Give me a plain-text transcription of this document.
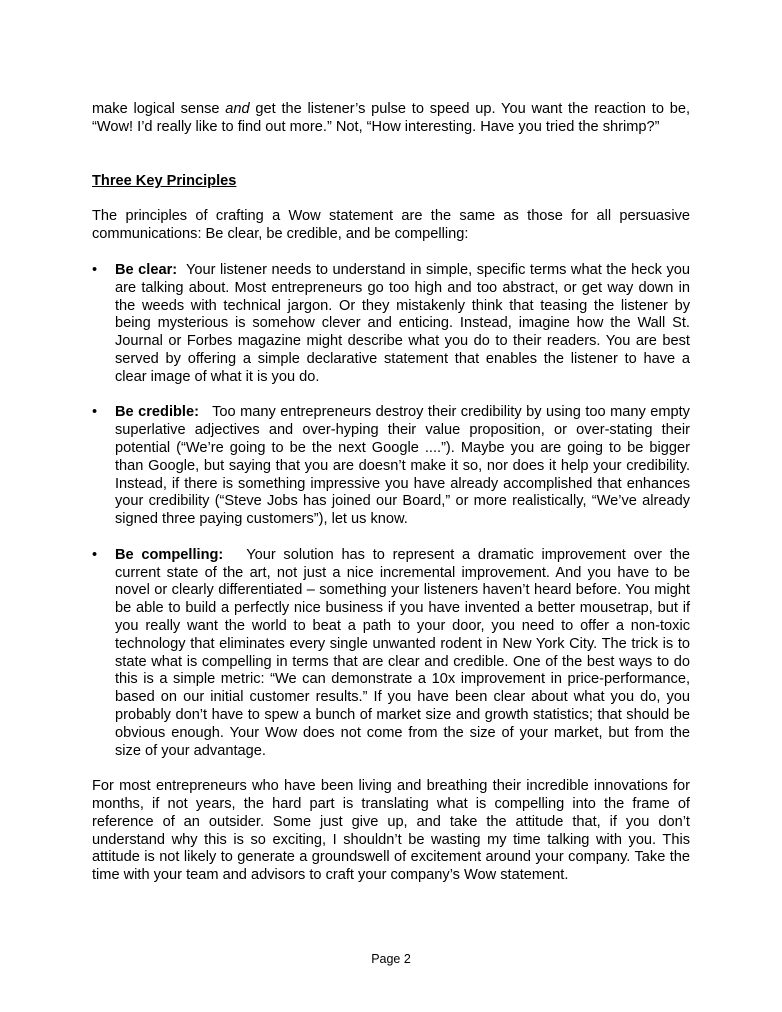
make logical sense and get the listener’s pulse to speed up. You want the reaction to be, “Wow! I’d really like to find out more.” Not, “How interesting. Have you tried the shrimp?”

Three Key Principles

The principles of crafting a Wow statement are the same as those for all persuasive communications: Be clear, be credible, and be compelling:

• Be clear: Your listener needs to understand in simple, specific terms what the heck you are talking about. Most entrepreneurs go too high and too abstract, or get way down in the weeds with technical jargon. Or they mistakenly think that teasing the listener by being mysterious is somehow clever and enticing. Instead, imagine how the Wall St. Journal or Forbes magazine might describe what you do to their readers. You are best served by offering a simple declarative statement that enables the listener to have a clear image of what it is you do.
• Be credible: Too many entrepreneurs destroy their credibility by using too many empty superlative adjectives and over-hyping their value proposition, or over-stating their potential (“We’re going to be the next Google ....”). Maybe you are going to be bigger than Google, but saying that you are doesn’t make it so, nor does it help your credibility. Instead, if there is something impressive you have already accomplished that enhances your credibility (“Steve Jobs has joined our Board,” or more realistically, “We’ve already signed three paying customers”), let us know.
• Be compelling: Your solution has to represent a dramatic improvement over the current state of the art, not just a nice incremental improvement. And you have to be novel or clearly differentiated – something your listeners haven’t heard before. You might be able to build a perfectly nice business if you have invented a better mousetrap, but if you really want the world to beat a path to your door, you need to offer a non-toxic technology that eliminates every single unwanted rodent in New York City. The trick is to state what is compelling in terms that are clear and credible. One of the best ways to do this is a simple metric: “We can demonstrate a 10x improvement in price-performance, based on our initial customer results.” If you have been clear about what you do, you probably don’t have to spew a bunch of market size and growth statistics; that should be obvious enough. Your Wow does not come from the size of your market, but from the size of your advantage.

For most entrepreneurs who have been living and breathing their incredible innovations for months, if not years, the hard part is translating what is compelling into the frame of reference of an outsider. Some just give up, and take the attitude that, if you don’t understand why this is so exciting, I shouldn’t be wasting my time talking with you. This attitude is not likely to generate a groundswell of excitement around your company. Take the time with your team and advisors to craft your company’s Wow statement.

Page 2
